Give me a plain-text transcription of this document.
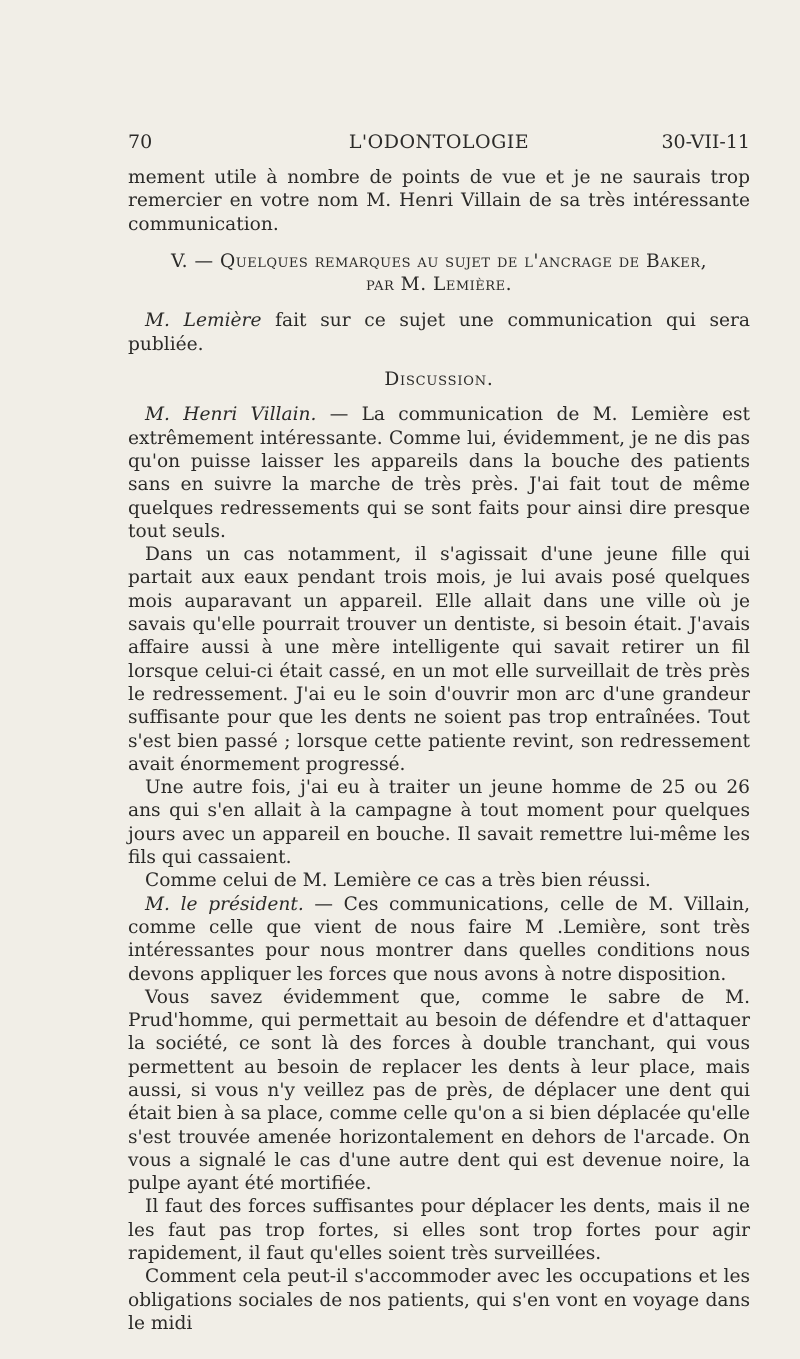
70	L'ODONTOLOGIE	30-VII-11

mement utile à nombre de points de vue et je ne saurais trop remercier en votre nom M. Henri Villain de sa très intéressante communication.

V. — Quelques remarques au sujet de l'ancrage de Baker,
par M. Lemière.

M. Lemière fait sur ce sujet une communication qui sera publiée.

Discussion.

M. Henri Villain. — La communication de M. Lemière est extrêmement intéressante. Comme lui, évidemment, je ne dis pas qu'on puisse laisser les appareils dans la bouche des patients sans en suivre la marche de très près. J'ai fait tout de même quelques redressements qui se sont faits pour ainsi dire presque tout seuls.

Dans un cas notamment, il s'agissait d'une jeune fille qui partait aux eaux pendant trois mois, je lui avais posé quelques mois auparavant un appareil. Elle allait dans une ville où je savais qu'elle pourrait trouver un dentiste, si besoin était. J'avais affaire aussi à une mère intelligente qui savait retirer un fil lorsque celui-ci était cassé, en un mot elle surveillait de très près le redressement. J'ai eu le soin d'ouvrir mon arc d'une grandeur suffisante pour que les dents ne soient pas trop entraînées. Tout s'est bien passé ; lorsque cette patiente revint, son redressement avait énormement progressé.

Une autre fois, j'ai eu à traiter un jeune homme de 25 ou 26 ans qui s'en allait à la campagne à tout moment pour quelques jours avec un appareil en bouche. Il savait remettre lui-même les fils qui cassaient.

Comme celui de M. Lemière ce cas a très bien réussi.

M. le président. — Ces communications, celle de M. Villain, comme celle que vient de nous faire M .Lemière, sont très intéressantes pour nous montrer dans quelles conditions nous devons appliquer les forces que nous avons à notre disposition.

Vous savez évidemment que, comme le sabre de M. Prud'homme, qui permettait au besoin de défendre et d'attaquer la société, ce sont là des forces à double tranchant, qui vous permettent au besoin de replacer les dents à leur place, mais aussi, si vous n'y veillez pas de près, de déplacer une dent qui était bien à sa place, comme celle qu'on a si bien déplacée qu'elle s'est trouvée amenée horizontalement en dehors de l'arcade. On vous a signalé le cas d'une autre dent qui est devenue noire, la pulpe ayant été mortifiée.

Il faut des forces suffisantes pour déplacer les dents, mais il ne les faut pas trop fortes, si elles sont trop fortes pour agir rapidement, il faut qu'elles soient très surveillées.

Comment cela peut-il s'accommoder avec les occupations et les obligations sociales de nos patients, qui s'en vont en voyage dans le midi
